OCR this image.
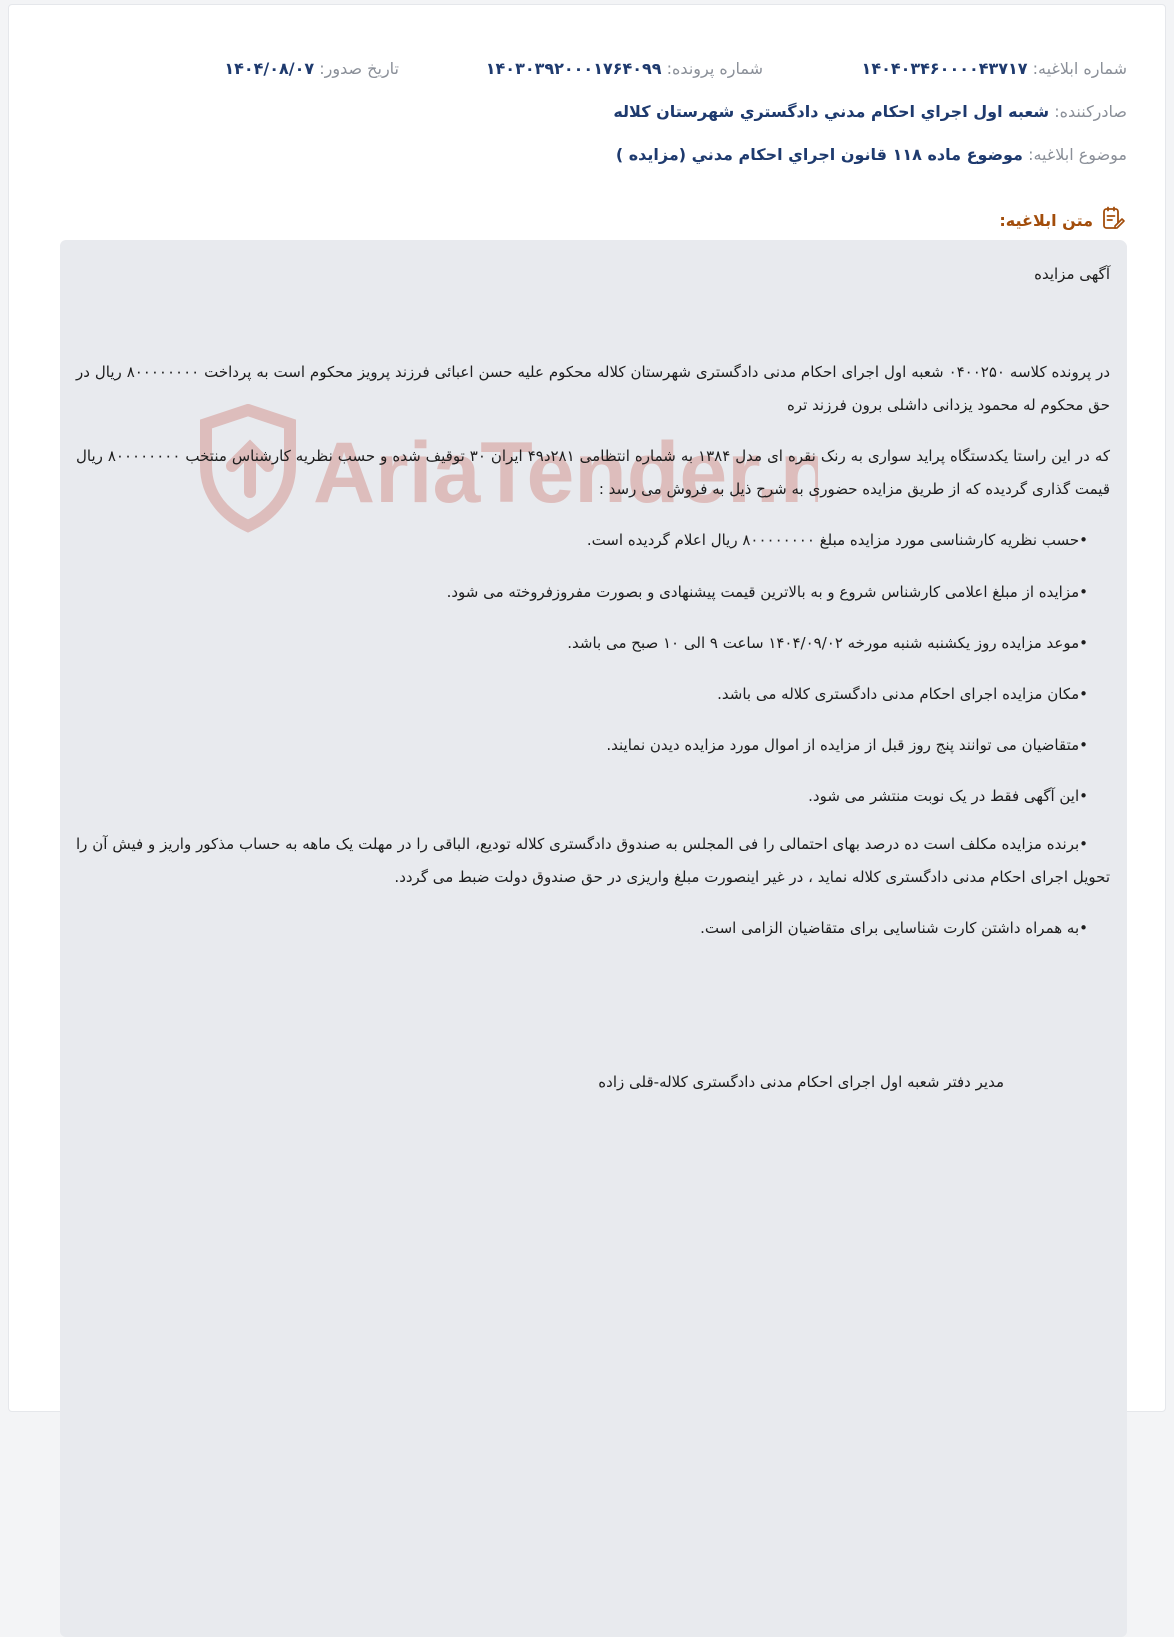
شماره ابلاغیه: ۱۴۰۴۰۳۴۶۰۰۰۰۴۳۷۱۷
شماره پرونده: ۱۴۰۳۰۳۹۲۰۰۰۱۷۶۴۰۹۹
تاریخ صدور: ۱۴۰۴/۰۸/۰۷
صادرکننده: شعبه اول اجراي احكام مدني دادگستري شهرستان كلاله
موضوع ابلاغیه: موضوع ماده ۱۱۸ قانون اجراي احكام مدني (مزايده )
متن ابلاغیه:
AriaTender.n
آگهی مزایده
در پرونده کلاسه ۰۴۰۰۲۵۰ شعبه اول اجرای احکام مدنی دادگستری شهرستان کلاله محکوم علیه حسن اعبائی فرزند پرویز محکوم است به پرداخت ۸۰۰۰۰۰۰۰۰ ریال در حق محکوم له محمود یزدانی داشلی برون فرزند تره
که در این راستا یکدستگاه پراید سواری به رنک نقره ای مدل ۱۳۸۴ به شماره انتظامی ۲۸۱د۴۹ ایران ۳۰ توقیف شده و حسب نظریه کارشناس منتخب ۸۰۰۰۰۰۰۰۰ ریال قیمت گذاری گردیده که از طریق مزایده حضوری به شرح ذیل به فروش می رسد :
•حسب نظریه کارشناسی مورد مزایده مبلغ ۸۰۰۰۰۰۰۰۰ ریال اعلام گردیده است.
•مزایده از مبلغ اعلامی کارشناس شروع و به بالاترین قیمت پیشنهادی و بصورت مفروزفروخته می شود.
•موعد مزایده روز یکشنبه شنبه مورخه ۱۴۰۴/۰۹/۰۲ ساعت ۹ الی ۱۰ صبح می باشد.
•مکان مزایده اجرای احکام مدنی دادگستری کلاله می باشد.
•متقاضیان می توانند پنج روز قبل از مزایده از اموال مورد مزایده دیدن نمایند.
•این آگهی فقط در یک نوبت منتشر می شود.
•برنده مزایده مکلف است ده درصد بهای احتمالی را فی المجلس به صندوق دادگستری کلاله تودیع، الباقی را در مهلت یک ماهه به حساب مذکور واریز و فیش آن را تحویل اجرای احکام مدنی دادگستری کلاله نماید ، در غیر اینصورت مبلغ واریزی در حق صندوق دولت ضبط می گردد.
•به همراه داشتن کارت شناسایی برای متقاضیان الزامی است.
مدیر دفتر شعبه اول اجرای احکام مدنی دادگستری کلاله-قلی زاده
